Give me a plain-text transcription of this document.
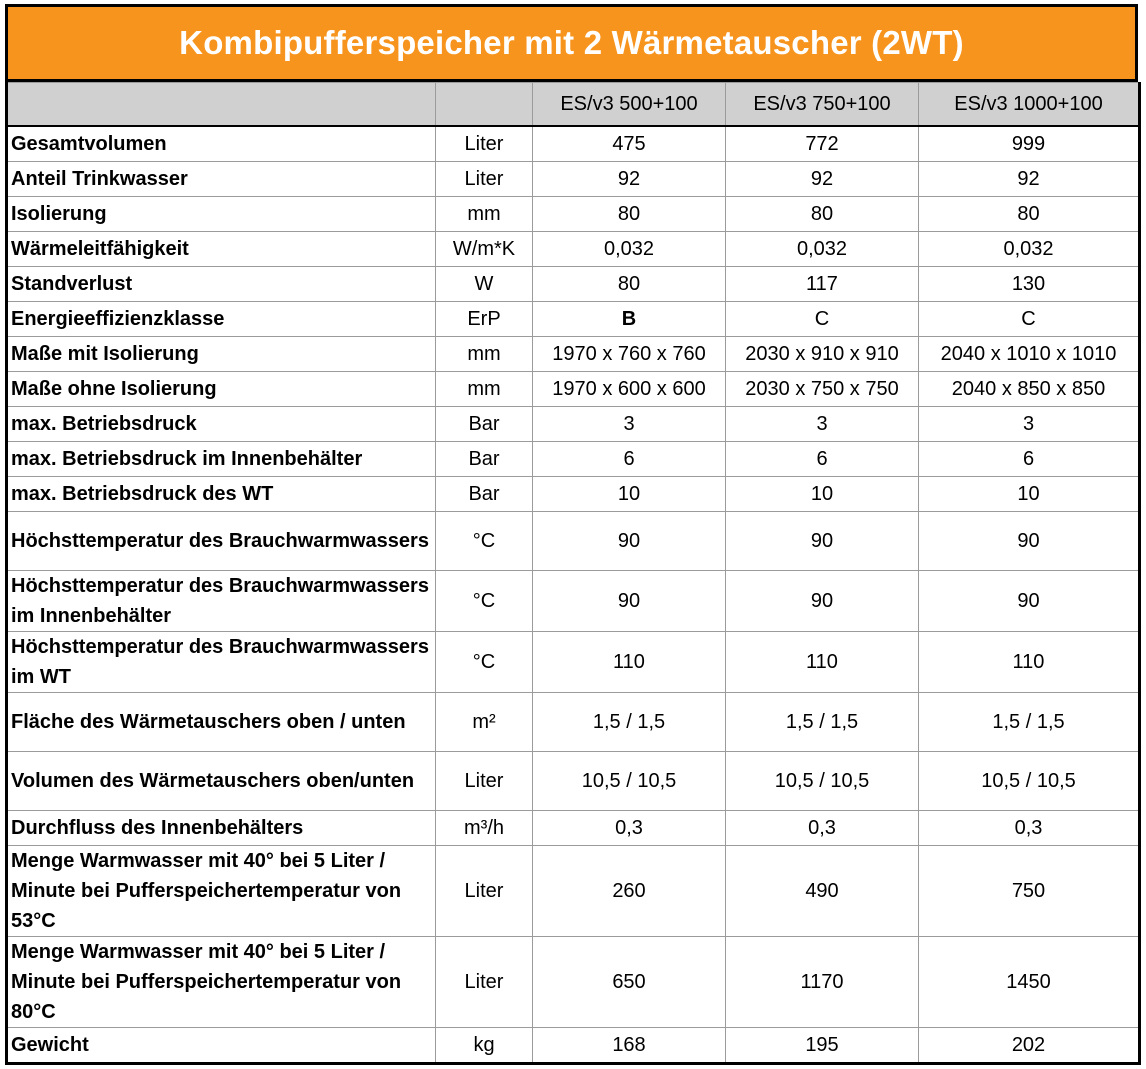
Kombipufferspeicher mit 2 Wärmetauscher (2WT)
		ES/v3 500+100	ES/v3 750+100	ES/v3 1000+100
Gesamtvolumen	Liter	475	772	999
Anteil Trinkwasser	Liter	92	92	92
Isolierung	mm	80	80	80
Wärmeleitfähigkeit	W/m*K	0,032	0,032	0,032
Standverlust	W	80	117	130
Energieeffizienzklasse	ErP	B	C	C
Maße mit Isolierung	mm	1970 x 760 x 760	2030 x 910 x 910	2040 x 1010 x 1010
Maße ohne Isolierung	mm	1970 x 600 x 600	2030 x 750 x 750	2040 x 850 x 850
max. Betriebsdruck	Bar	3	3	3
max. Betriebsdruck im Innenbehälter	Bar	6	6	6
max. Betriebsdruck des WT	Bar	10	10	10
Höchsttemperatur des Brauchwarmwassers	°C	90	90	90
Höchsttemperatur des Brauchwarmwassers im Innenbehälter	°C	90	90	90
Höchsttemperatur des Brauchwarmwassers im WT	°C	110	110	110
Fläche des Wärmetauschers oben / unten	m²	1,5 / 1,5	1,5 / 1,5	1,5 / 1,5
Volumen des Wärmetauschers oben/unten	Liter	10,5 / 10,5	10,5 / 10,5	10,5 / 10,5
Durchfluss des Innenbehälters	m³/h	0,3	0,3	0,3
Menge Warmwasser mit 40° bei 5 Liter / Minute bei Pufferspeichertemperatur von 53°C	Liter	260	490	750
Menge Warmwasser mit 40° bei 5 Liter / Minute bei Pufferspeichertemperatur von 80°C	Liter	650	1170	1450
Gewicht	kg	168	195	202
